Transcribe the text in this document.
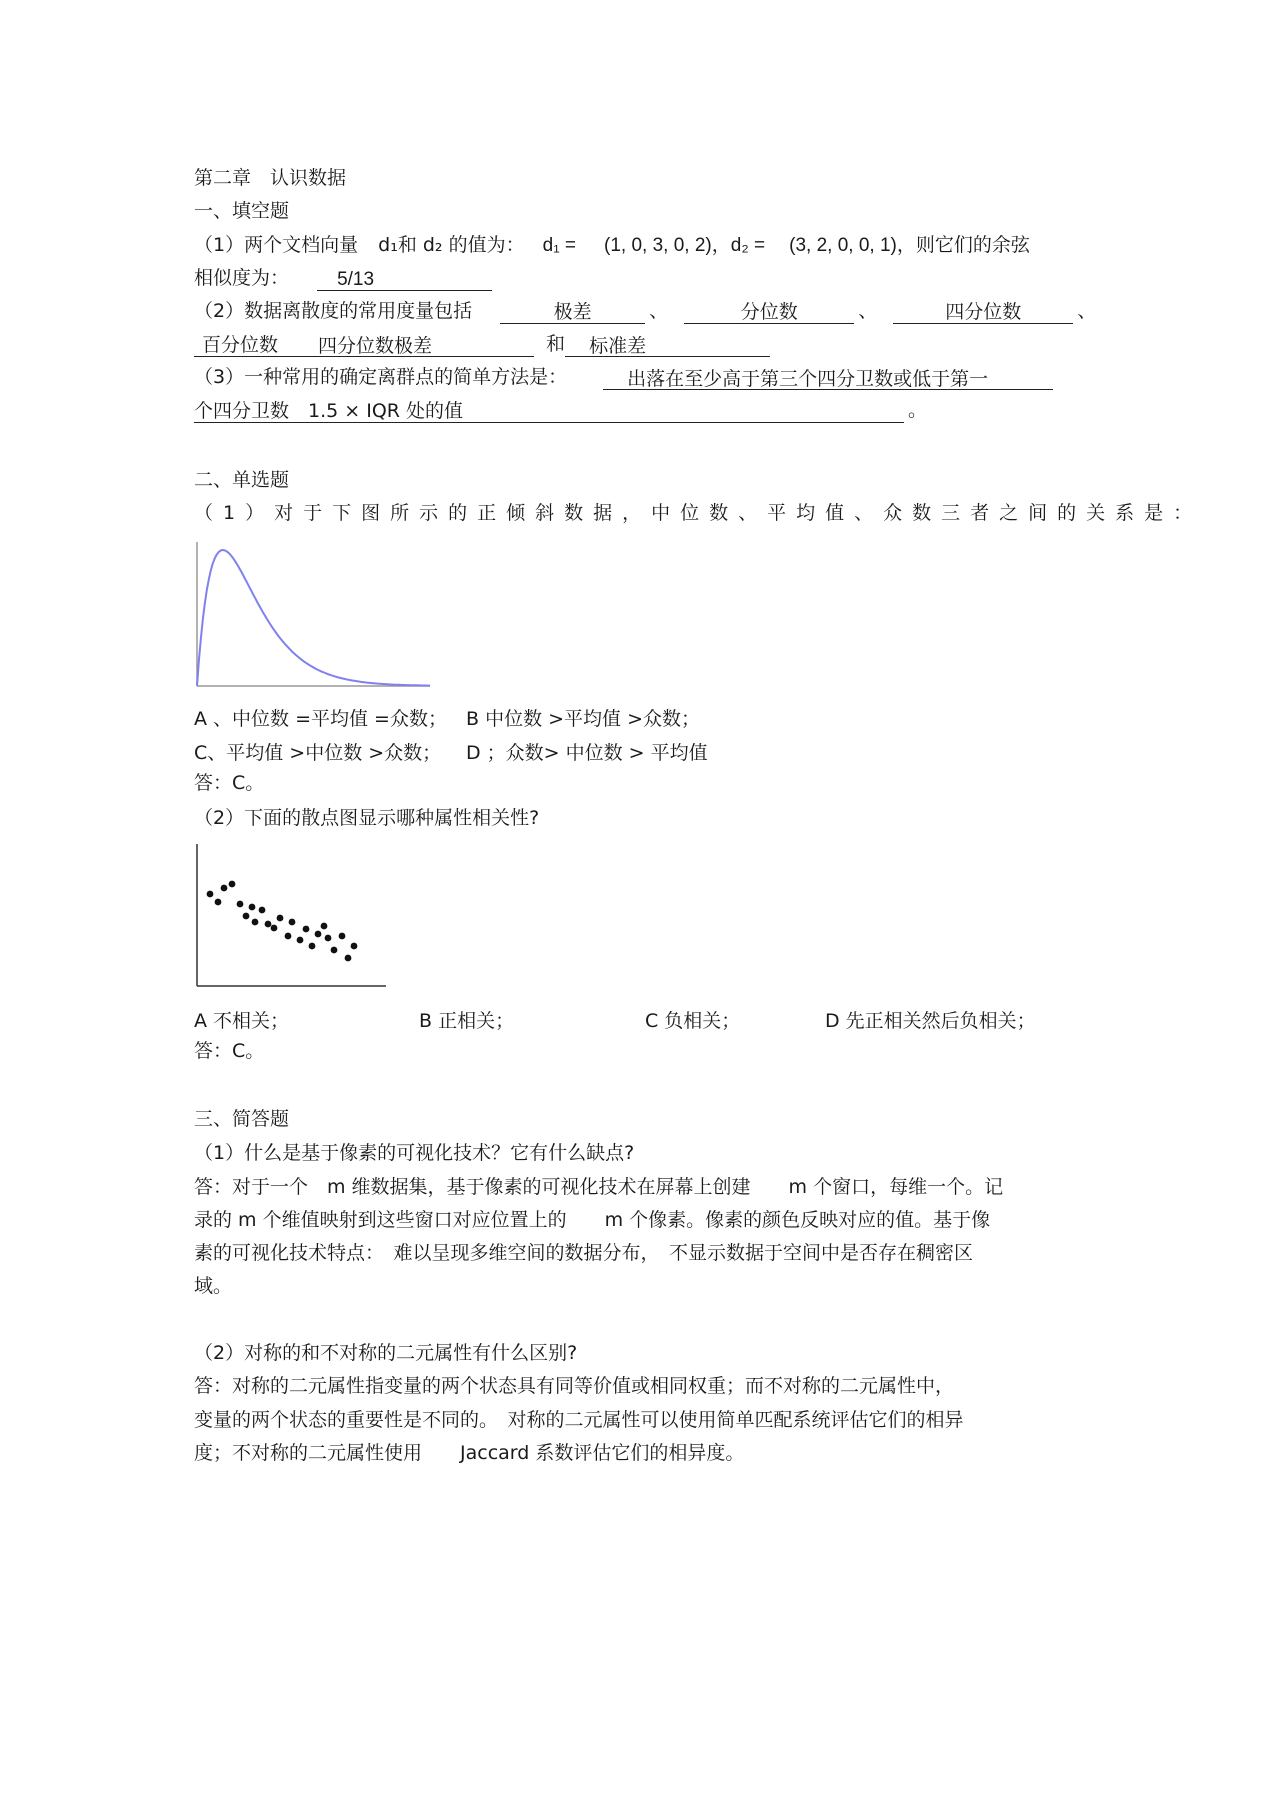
第二章　认识数据
一、填空题
（1）两个文档向量 d₁和 d₂ 的值为： d₁ = (1, 0, 3, 0, 2)，d₂ = (3, 2, 0, 0, 1)，则它们的余弦
相似度为：	5/13
（2）数据离散度的常用度量包括	极差	、	分位数	、	四分位数	、
百分位数 四分位数极差	和 标准差
（3）一种常用的确定离群点的简单方法是：	出落在至少高于第三个四分卫数或低于第一
个四分卫数　1.5 × IQR 处的值	。
二、单选题
（1）对于下图所示的正倾斜数据，中位数、平均值、众数三者之间的关系是：
A 、中位数 =平均值 =众数； B 中位数 >平均值 >众数；
C、平均值 >中位数 >众数； D ；众数> 中位数 > 平均值
答：C。
（2）下面的散点图显示哪种属性相关性?
A 不相关；	B 正相关；	C 负相关；	D 先正相关然后负相关；
答：C。
三、简答题
（1）什么是基于像素的可视化技术？它有什么缺点?
答：对于一个　m 维数据集，基于像素的可视化技术在屏幕上创建　　m 个窗口，每维一个。记
录的 m 个维值映射到这些窗口对应位置上的　　m 个像素。像素的颜色反映对应的值。基于像
素的可视化技术特点：　难以呈现多维空间的数据分布，　不显示数据于空间中是否存在稠密区
域。
（2）对称的和不对称的二元属性有什么区别?
答：对称的二元属性指变量的两个状态具有同等价值或相同权重；而不对称的二元属性中，
变量的两个状态的重要性是不同的。　对称的二元属性可以使用简单匹配系统评估它们的相异
度；不对称的二元属性使用　　Jaccard 系数评估它们的相异度。
